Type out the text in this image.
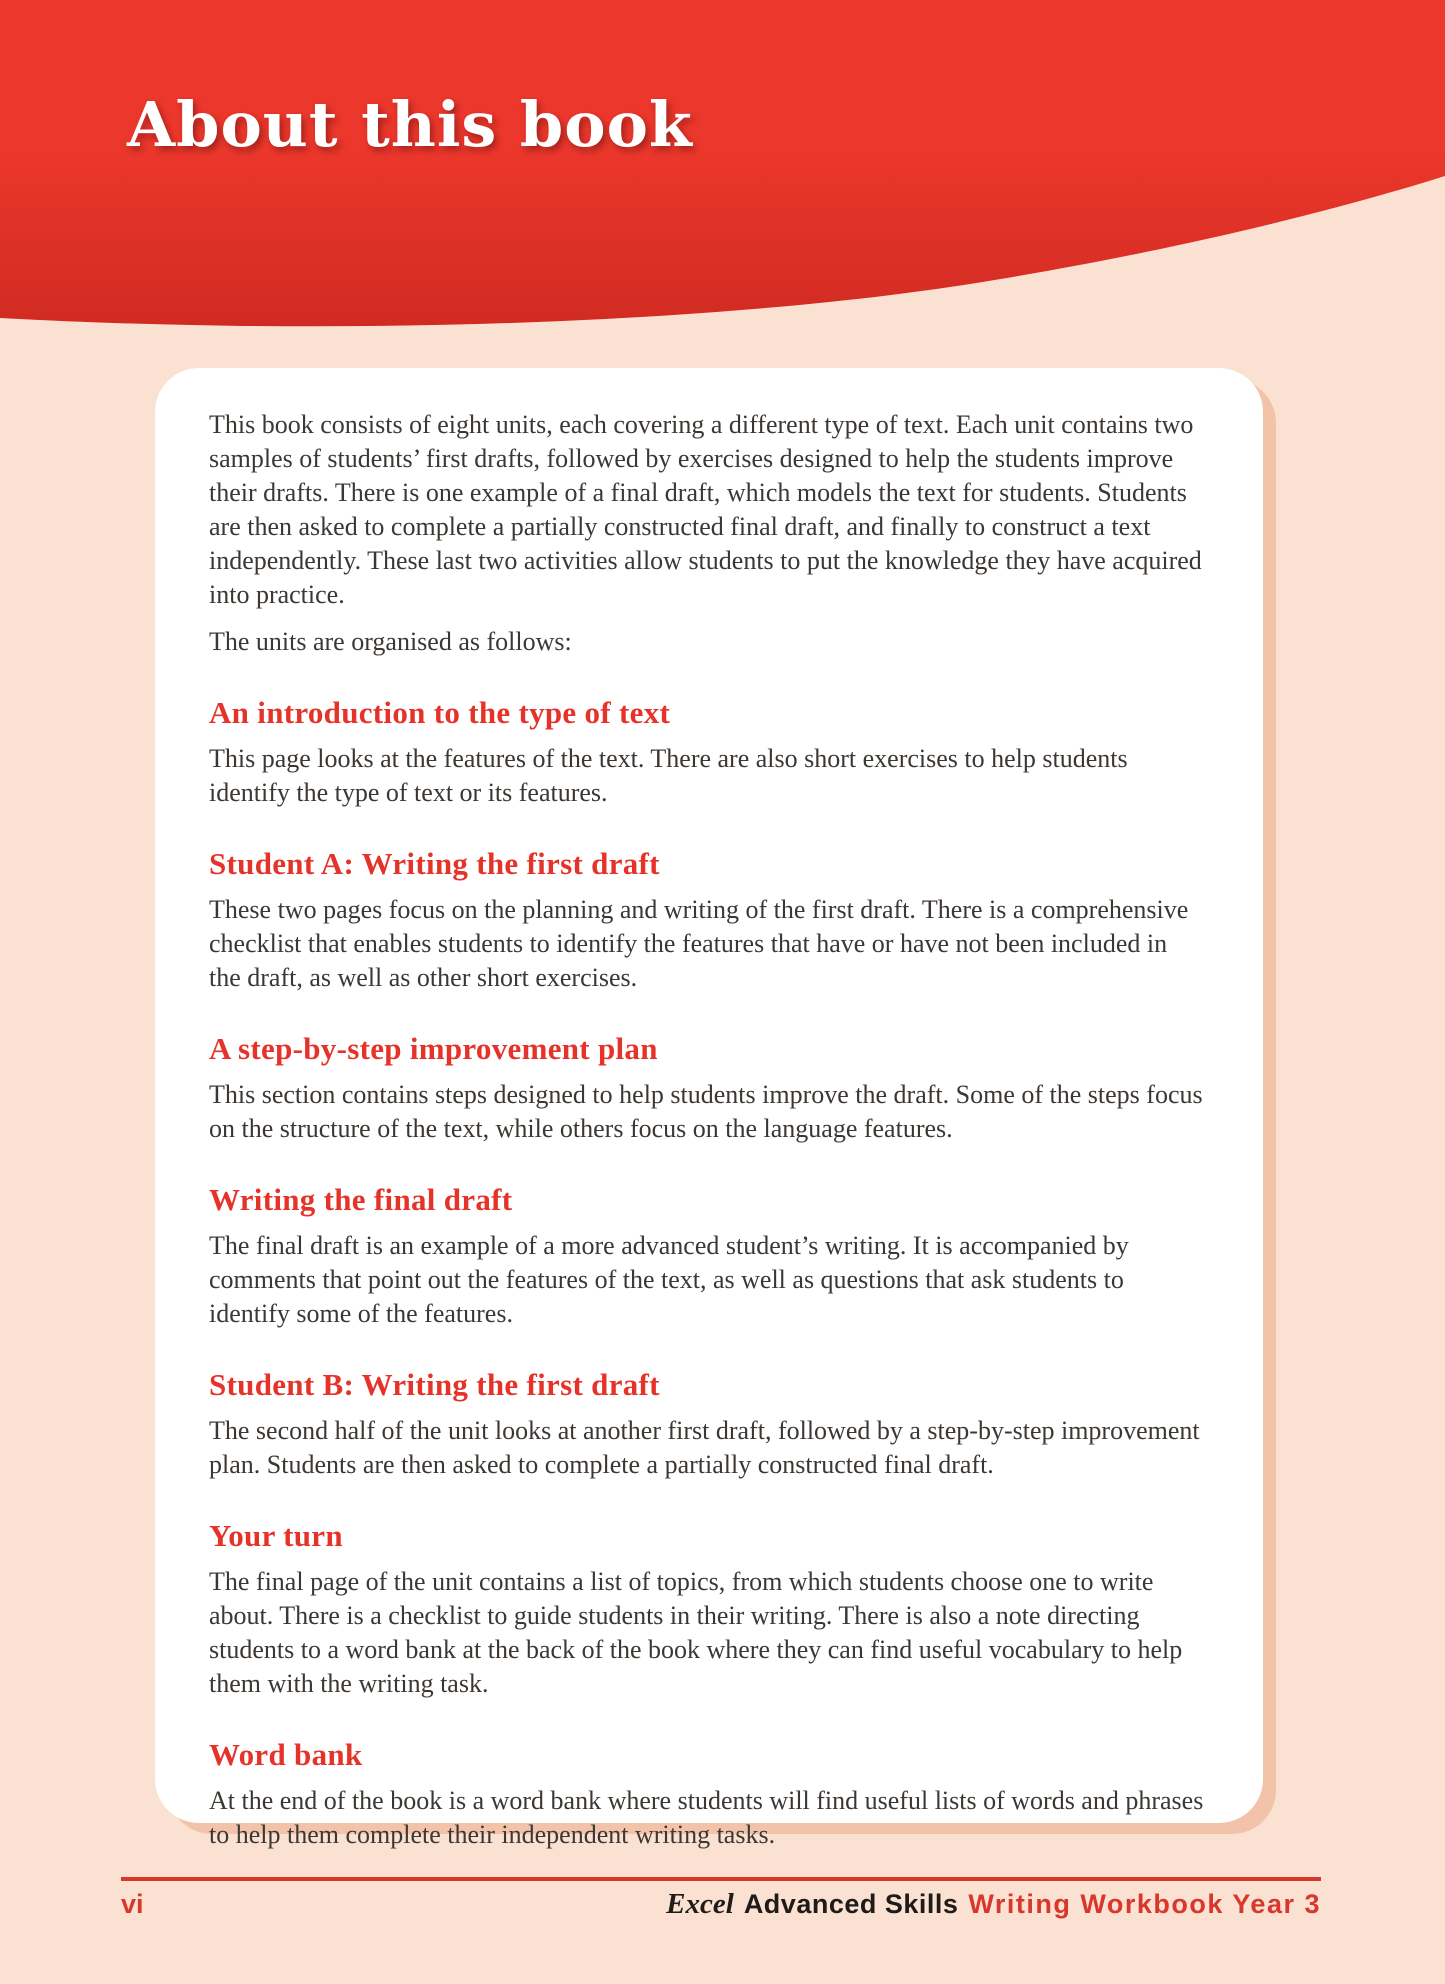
About this book

This book consists of eight units, each covering a different type of text. Each unit contains two samples of students’ first drafts, followed by exercises designed to help the students improve their drafts. There is one example of a final draft, which models the text for students. Students are then asked to complete a partially constructed final draft, and finally to construct a text independently. These last two activities allow students to put the knowledge they have acquired into practice.

The units are organised as follows:

An introduction to the type of text

This page looks at the features of the text. There are also short exercises to help students identify the type of text or its features.

Student A: Writing the first draft

These two pages focus on the planning and writing of the first draft. There is a comprehensive checklist that enables students to identify the features that have or have not been included in the draft, as well as other short exercises.

A step-by-step improvement plan

This section contains steps designed to help students improve the draft. Some of the steps focus on the structure of the text, while others focus on the language features.

Writing the final draft

The final draft is an example of a more advanced student’s writing. It is accompanied by comments that point out the features of the text, as well as questions that ask students to identify some of the features.

Student B: Writing the first draft

The second half of the unit looks at another first draft, followed by a step-by-step improvement plan. Students are then asked to complete a partially constructed final draft.

Your turn

The final page of the unit contains a list of topics, from which students choose one to write about. There is a checklist to guide students in their writing. There is also a note directing students to a word bank at the back of the book where they can find useful vocabulary to help them with the writing task.

Word bank

At the end of the book is a word bank where students will find useful lists of words and phrases to help them complete their independent writing tasks.

vi	Excel Advanced Skills Writing Workbook Year 3
